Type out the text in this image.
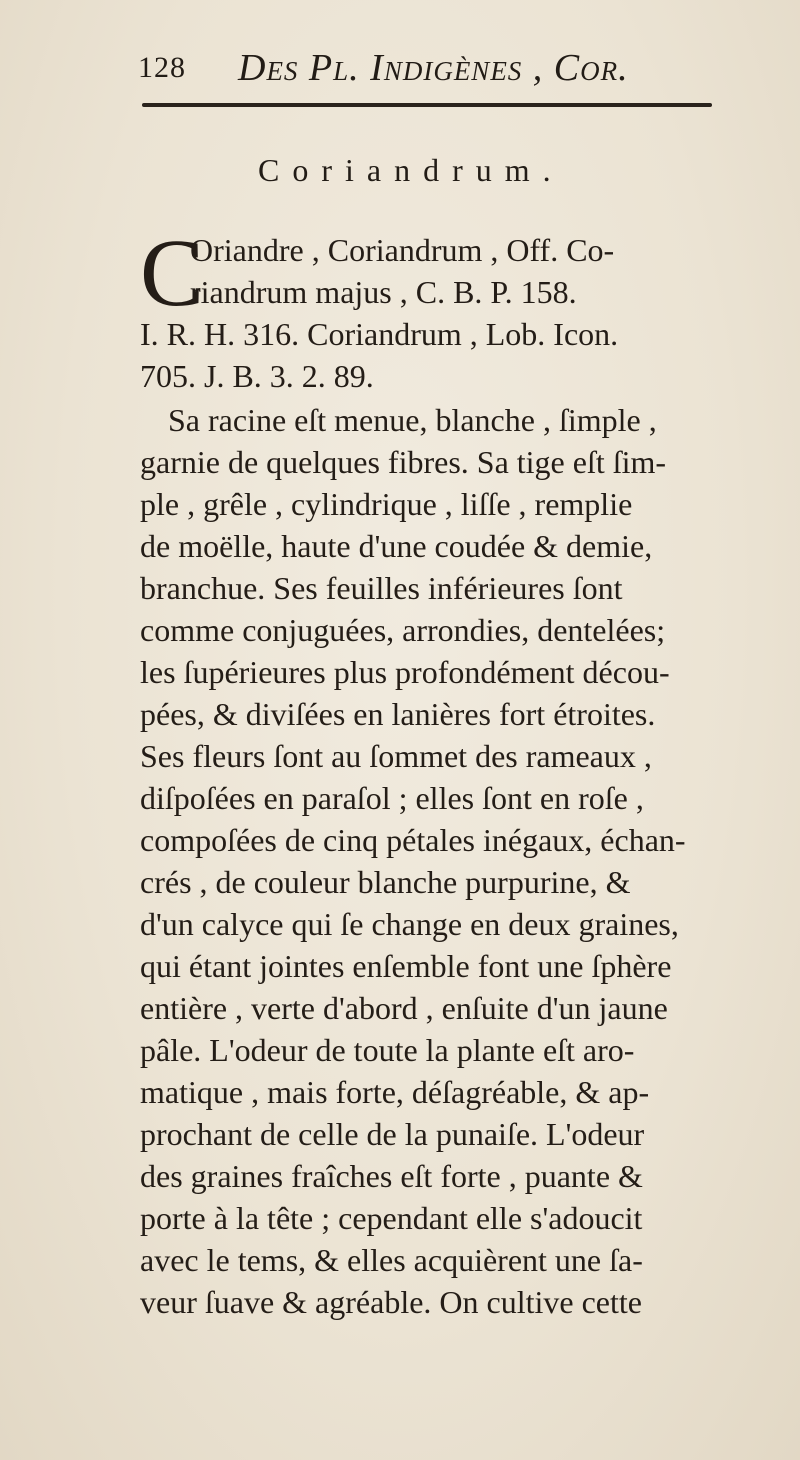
128 Des Pl. Indigènes , Cor.
Coriandrum.
C
Oriandre , Coriandrum , Off. Co-
riandrum majus , C. B. P. 158.
I. R. H. 316. Coriandrum , Lob. Icon.
705. J. B. 3. 2. 89.
Sa racine eſt menue, blanche , ſimple ,
garnie de quelques fibres. Sa tige eſt ſim-
ple , grêle , cylindrique , liſſe , remplie
de moëlle, haute d'une coudée & demie,
branchue. Ses feuilles inférieures ſont
comme conjuguées, arrondies, dentelées;
les ſupérieures plus profondément décou-
pées, & diviſées en lanières fort étroites.
Ses fleurs ſont au ſommet des rameaux ,
diſpoſées en paraſol ; elles ſont en roſe ,
compoſées de cinq pétales inégaux, échan-
crés , de couleur blanche purpurine, &
d'un calyce qui ſe change en deux graines,
qui étant jointes enſemble font une ſphère
entière , verte d'abord , enſuite d'un jaune
pâle. L'odeur de toute la plante eſt aro-
matique , mais forte, déſagréable, & ap-
prochant de celle de la punaiſe. L'odeur
des graines fraîches eſt forte , puante &
porte à la tête ; cependant elle s'adoucit
avec le tems, & elles acquièrent une ſa-
veur ſuave & agréable. On cultive cette
